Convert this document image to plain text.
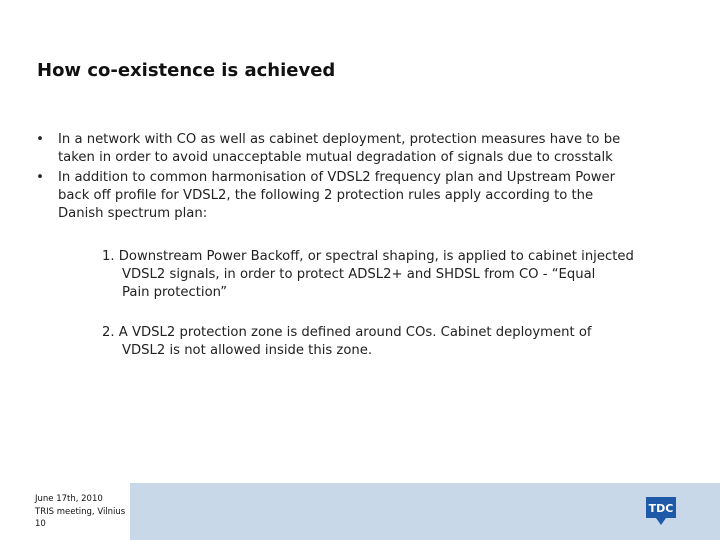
How co-existence is achieved
• In a network with CO as well as cabinet deployment, protection measures have to be
taken in order to avoid unacceptable mutual degradation of signals due to crosstalk
• In addition to common harmonisation of VDSL2 frequency plan and Upstream Power
back off profile for VDSL2, the following 2 protection rules apply according to the
Danish spectrum plan:
1. Downstream Power Backoff, or spectral shaping, is applied to cabinet injected
VDSL2 signals, in order to protect ADSL2+ and SHDSL from CO - “Equal
Pain protection”
2. A VDSL2 protection zone is defined around COs. Cabinet deployment of
VDSL2 is not allowed inside this zone.
June 17th, 2010
TRIS meeting, Vilnius
10
TDC
